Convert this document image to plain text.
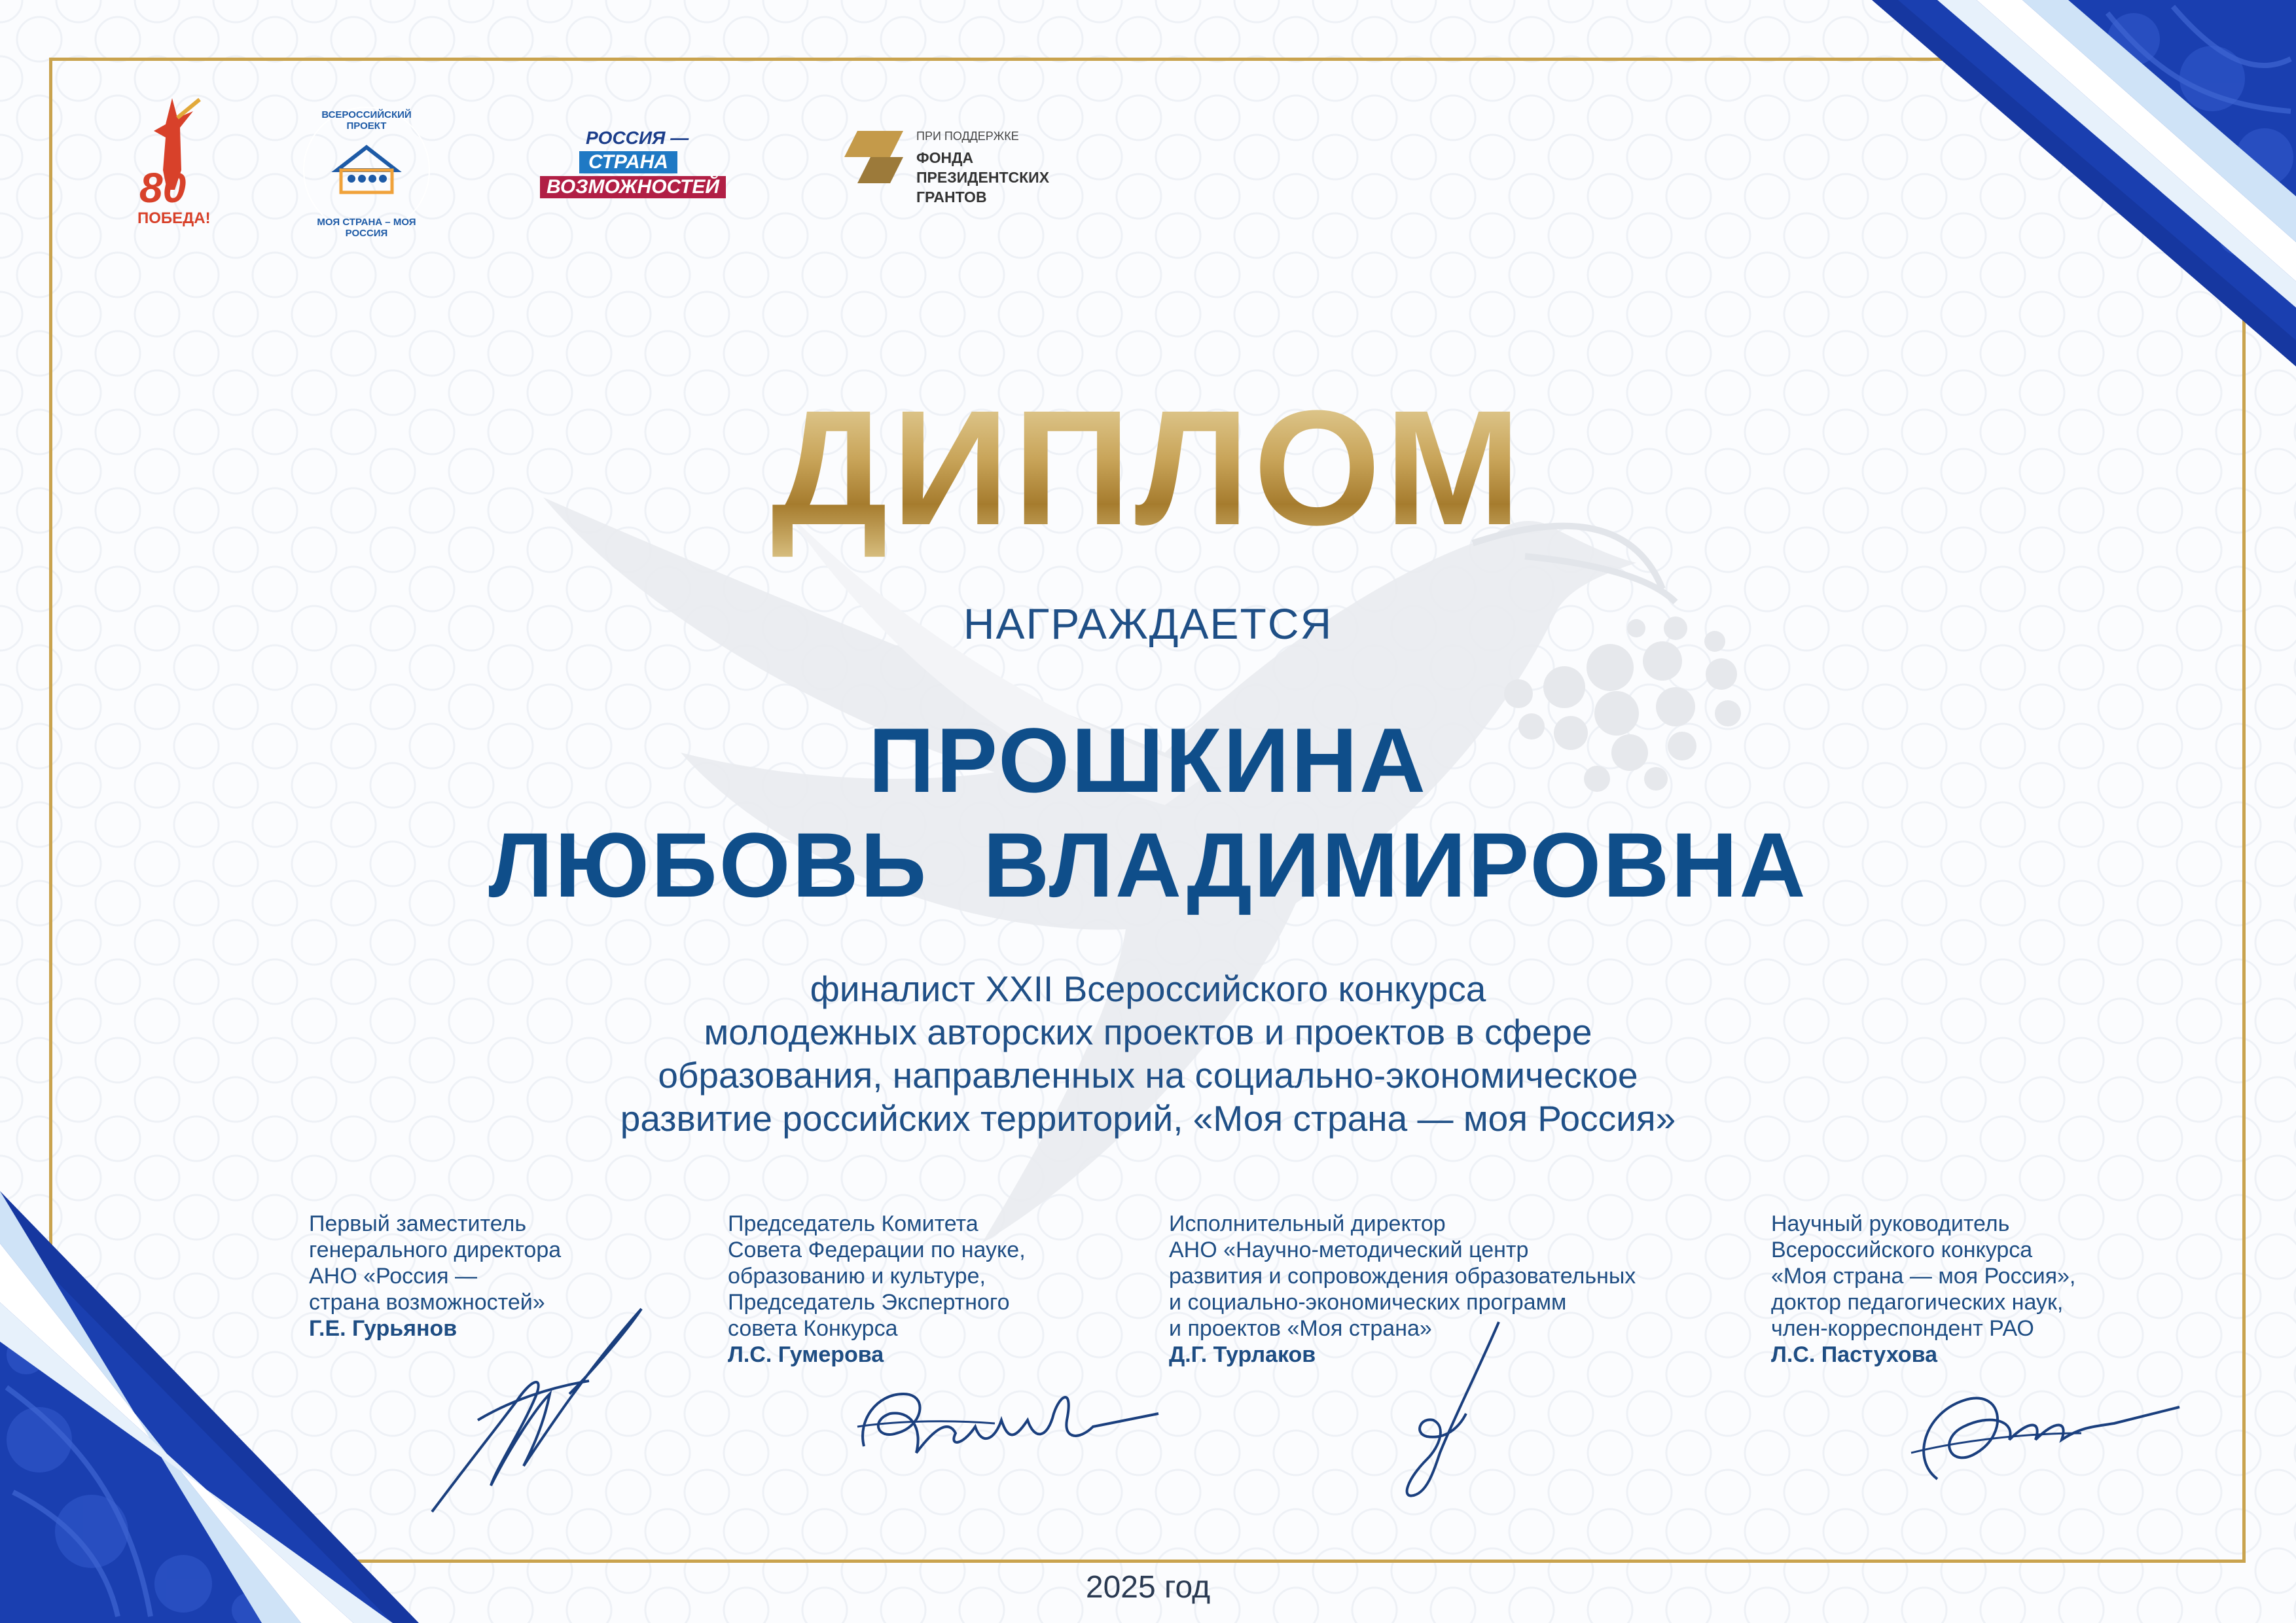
80
ПОБЕДА!
ВСЕРОССИЙСКИЙ ПРОЕКТ
МОЯ СТРАНА – МОЯ РОССИЯ
РОССИЯ —
СТРАНА
ВОЗМОЖНОСТЕЙ
ПРИ ПОДДЕРЖКЕ
ФОНДА
ПРЕЗИДЕНТСКИХ
ГРАНТОВ
ДИПЛОМ
НАГРАЖДАЕТСЯ
ПРОШКИНА
ЛЮБОВЬ  ВЛАДИМИРОВНА
финалист XXII Всероссийского конкурса
молодежных авторских проектов и проектов в сфере
образования, направленных на социально-экономическое
развитие российских территорий, «Моя страна — моя Россия»
Первый заместитель
генерального директора
АНО «Россия —
страна возможностей»
Г.Е. Гурьянов
Председатель Комитета
Совета Федерации по науке,
образованию и культуре,
Председатель Экспертного
совета Конкурса
Л.С. Гумерова
Исполнительный директор
АНО «Научно-методический центр
развития и сопровождения образовательных
и социально-экономических программ
и проектов «Моя страна»
Д.Г. Турлаков
Научный руководитель
Всероссийского конкурса
«Моя страна — моя Россия»,
доктор педагогических наук,
член-корреспондент РАО
Л.С. Пастухова
2025 год
